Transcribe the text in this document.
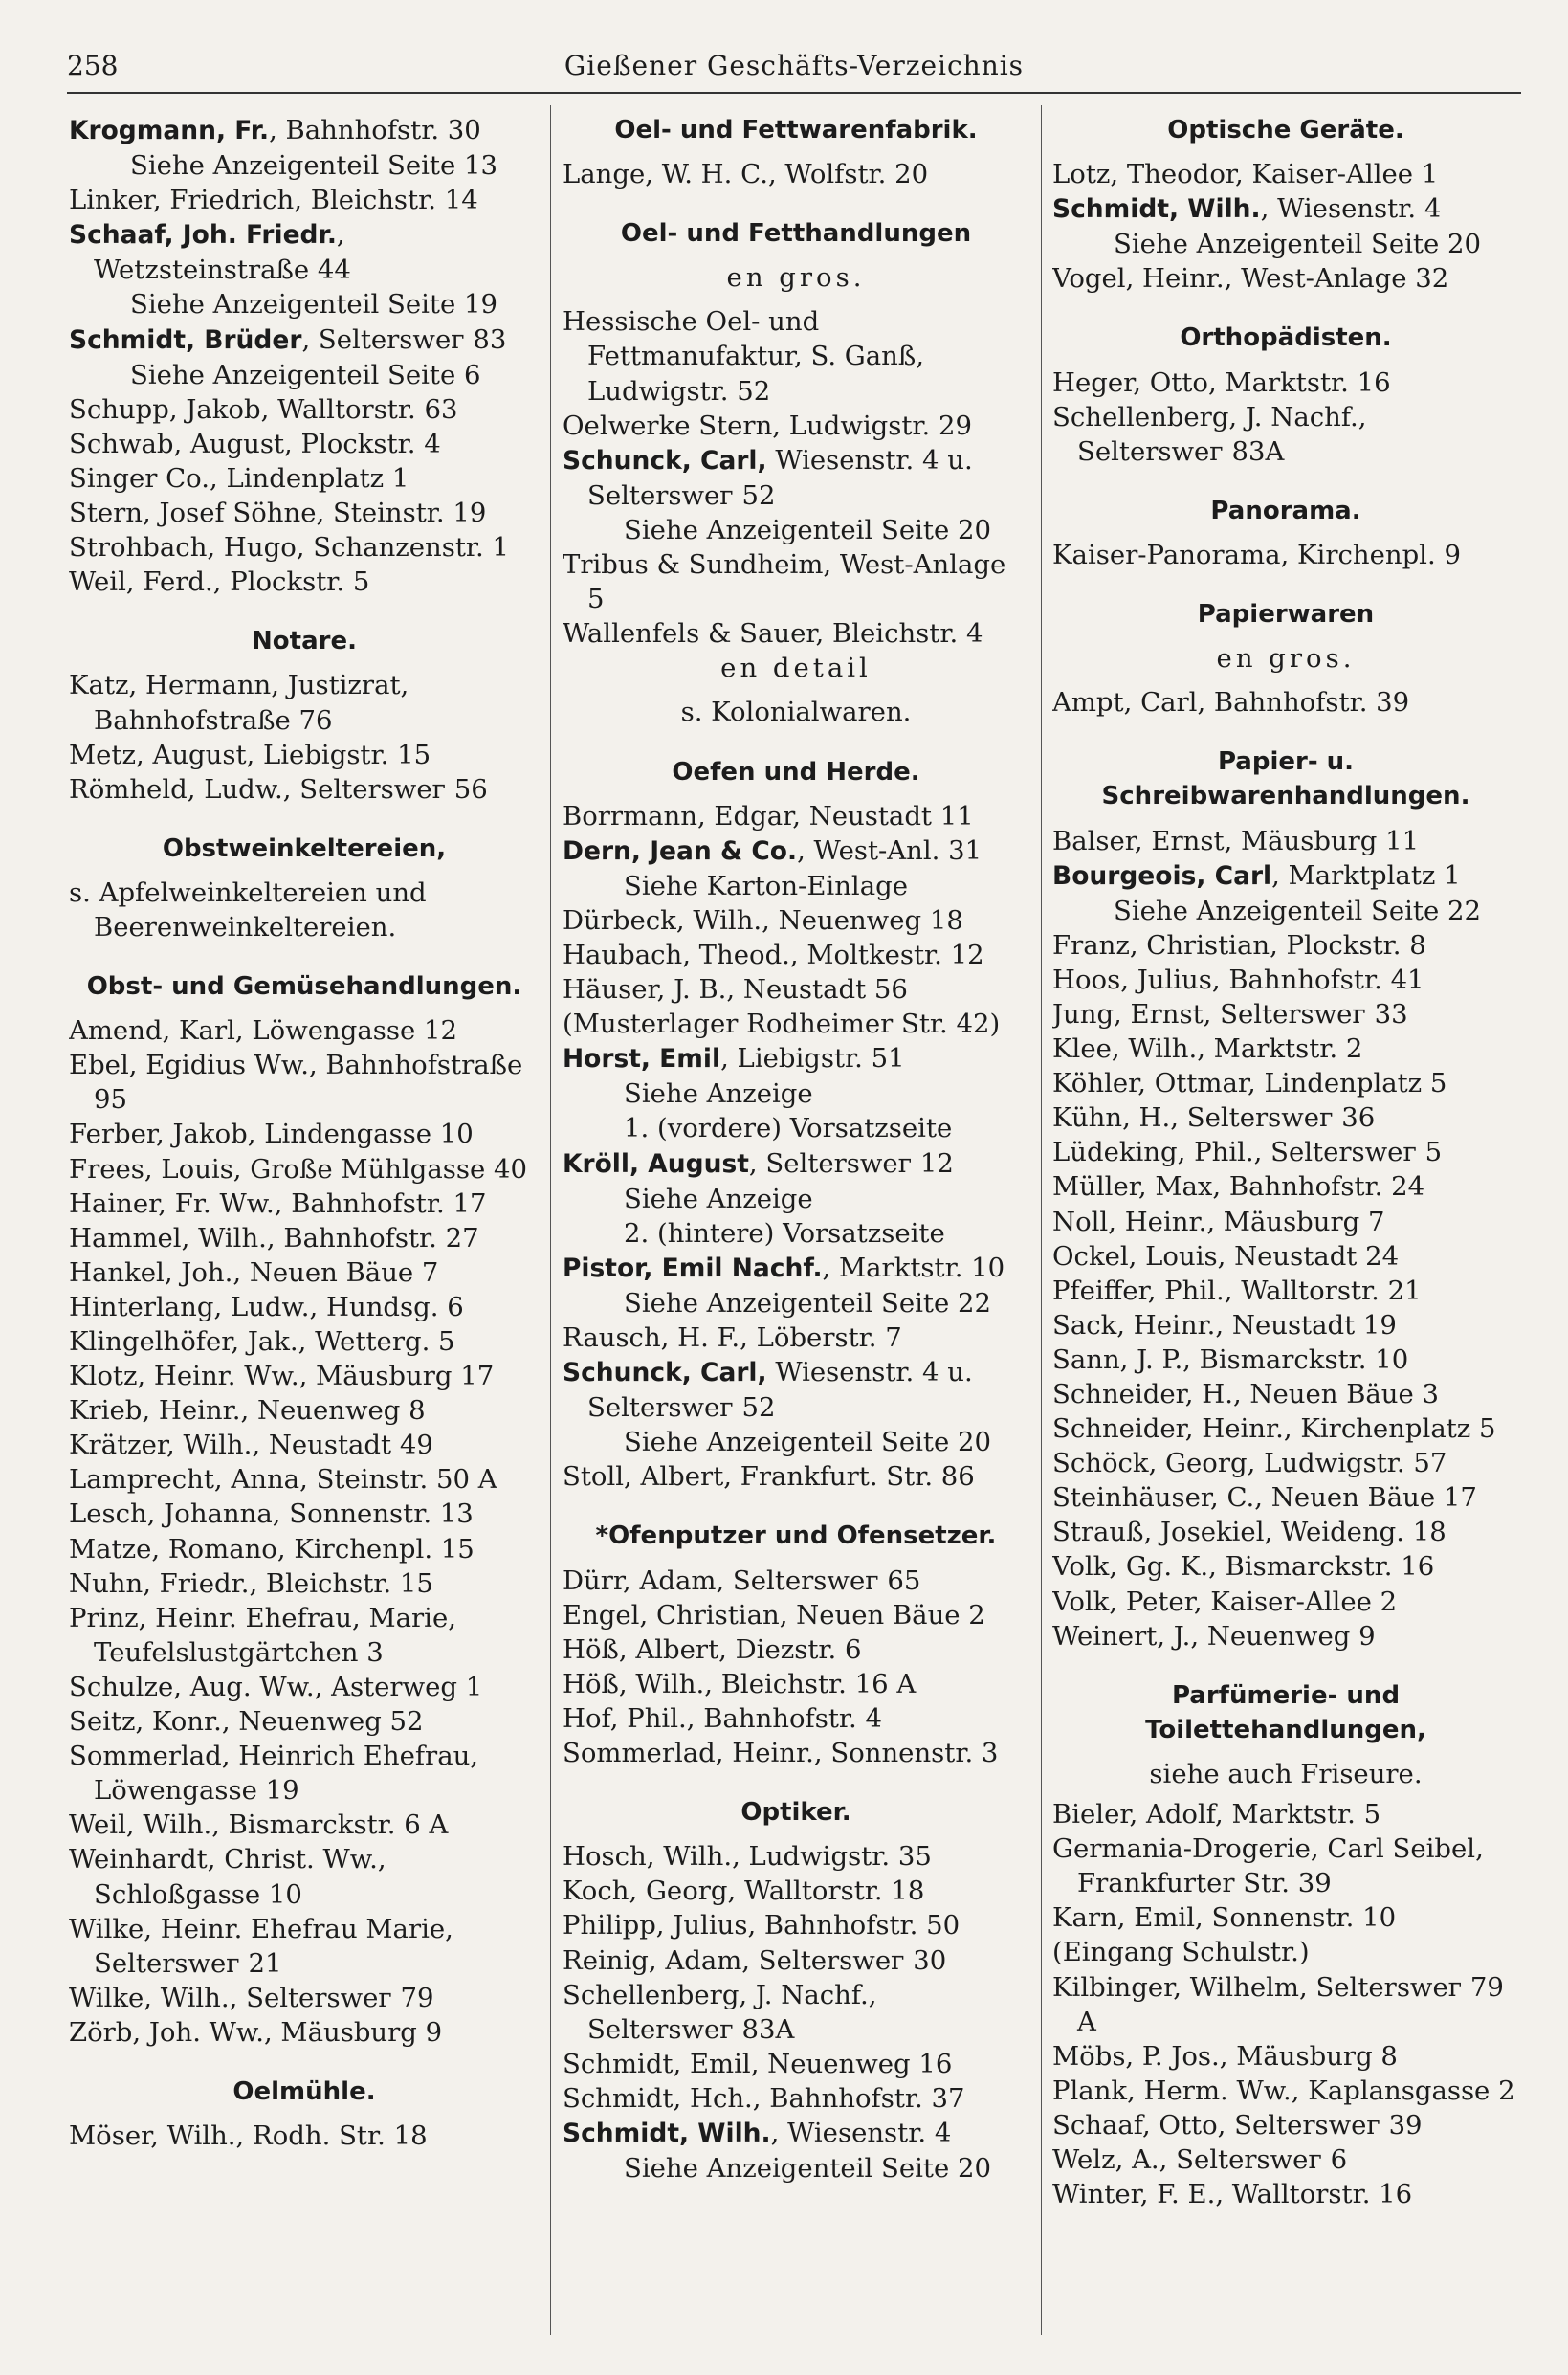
258	Gießener Geschäfts-Verzeichnis
Krogmann, Fr., Bahnhofstr. 30
Siehe Anzeigenteil Seite 13
Linker, Friedrich, Bleichstr. 14
Schaaf, Joh. Friedr., Wetzsteinstraße 44
Siehe Anzeigenteil Seite 19
Schmidt, Brüder, Selterswег 83
Siehe Anzeigenteil Seite 6
Schupp, Jakob, Walltorstr. 63
Schwab, August, Plockstr. 4
Singer Co., Lindenplatz 1
Stern, Josef Söhne, Steinstr. 19
Strohbach, Hugo, Schanzenstr. 1
Weil, Ferd., Plockstr. 5
Notare.
Katz, Hermann, Justizrat, Bahnhofstraße 76
Metz, August, Liebigstr. 15
Römheld, Ludw., Selterswег 56
Obstweinkeltereien,
s. Apfelweinkeltereien und Beerenweinkeltereien.
Obst- und Gemüsehandlungen.
Amend, Karl, Löwengasse 12
Ebel, Egidius Ww., Bahnhofstraße 95
Ferber, Jakob, Lindengasse 10
Frees, Louis, Große Mühlgasse 40
Hainer, Fr. Ww., Bahnhofstr. 17
Hammel, Wilh., Bahnhofstr. 27
Hankel, Joh., Neuen Bäue 7
Hinterlang, Ludw., Hundsg. 6
Klingelhöfer, Jak., Wetterg. 5
Klotz, Heinr. Ww., Mäusburg 17
Krieb, Heinr., Neuenweg 8
Krätzer, Wilh., Neustadt 49
Lamprecht, Anna, Steinstr. 50 A
Lesch, Johanna, Sonnenstr. 13
Matze, Romano, Kirchenpl. 15
Nuhn, Friedr., Bleichstr. 15
Prinz, Heinr. Ehefrau, Marie, Teufelslustgärtchen 3
Schulze, Aug. Ww., Asterweg 1
Seitz, Konr., Neuenweg 52
Sommerlad, Heinrich Ehefrau, Löwengasse 19
Weil, Wilh., Bismarckstr. 6 A
Weinhardt, Christ. Ww., Schloßgasse 10
Wilke, Heinr. Ehefrau Marie, Selterswег 21
Wilke, Wilh., Selterswег 79
Zörb, Joh. Ww., Mäusburg 9
Oelmühle.
Möser, Wilh., Rodh. Str. 18
Oel- und Fettwarenfabrik.
Lange, W. H. C., Wolfstr. 20
Oel- und Fetthandlungen
en gros.
Hessische Oel- und Fettmanufaktur, S. Ganß, Ludwigstr. 52
Oelwerke Stern, Ludwigstr. 29
Schunck, Carl, Wiesenstr. 4 u. Selterswег 52
Siehe Anzeigenteil Seite 20
Tribus & Sundheim, West-Anlage 5
Wallenfels & Sauer, Bleichstr. 4
en detail
s. Kolonialwaren.
Oefen und Herde.
Borrmann, Edgar, Neustadt 11
Dern, Jean & Co., West-Anl. 31
Siehe Karton-Einlage
Dürbeck, Wilh., Neuenweg 18
Haubach, Theod., Moltkestr. 12
Häuser, J. B., Neustadt 56
(Musterlager Rodheimer Str. 42)
Horst, Emil, Liebigstr. 51
Siehe Anzeige
1. (vordere) Vorsatzseite
Kröll, August, Selterswег 12
Siehe Anzeige
2. (hintere) Vorsatzseite
Pistor, Emil Nachf., Marktstr. 10
Siehe Anzeigenteil Seite 22
Rausch, H. F., Löberstr. 7
Schunck, Carl, Wiesenstr. 4 u. Selterswег 52
Siehe Anzeigenteil Seite 20
Stoll, Albert, Frankfurt. Str. 86
*Ofenputzer und Ofensetzer.
Dürr, Adam, Selterswег 65
Engel, Christian, Neuen Bäue 2
Höß, Albert, Diezstr. 6
Höß, Wilh., Bleichstr. 16 A
Hof, Phil., Bahnhofstr. 4
Sommerlad, Heinr., Sonnenstr. 3
Optiker.
Hosch, Wilh., Ludwigstr. 35
Koch, Georg, Walltorstr. 18
Philipp, Julius, Bahnhofstr. 50
Reinig, Adam, Selterswег 30
Schellenberg, J. Nachf., Selterswег 83A
Schmidt, Emil, Neuenweg 16
Schmidt, Hch., Bahnhofstr. 37
Schmidt, Wilh., Wiesenstr. 4
Siehe Anzeigenteil Seite 20
Optische Geräte.
Lotz, Theodor, Kaiser-Allee 1
Schmidt, Wilh., Wiesenstr. 4
Siehe Anzeigenteil Seite 20
Vogel, Heinr., West-Anlage 32
Orthopädisten.
Heger, Otto, Marktstr. 16
Schellenberg, J. Nachf., Selterswег 83A
Panorama.
Kaiser-Panorama, Kirchenpl. 9
Papierwaren
en gros.
Ampt, Carl, Bahnhofstr. 39
Papier- u. Schreibwarenhandlungen.
Balser, Ernst, Mäusburg 11
Bourgeois, Carl, Marktplatz 1
Siehe Anzeigenteil Seite 22
Franz, Christian, Plockstr. 8
Hoos, Julius, Bahnhofstr. 41
Jung, Ernst, Selterswег 33
Klee, Wilh., Marktstr. 2
Köhler, Ottmar, Lindenplatz 5
Kühn, H., Selterswег 36
Lüdeking, Phil., Selterswег 5
Müller, Max, Bahnhofstr. 24
Noll, Heinr., Mäusburg 7
Ockel, Louis, Neustadt 24
Pfeiffer, Phil., Walltorstr. 21
Sack, Heinr., Neustadt 19
Sann, J. P., Bismarckstr. 10
Schneider, H., Neuen Bäue 3
Schneider, Heinr., Kirchenplatz 5
Schöck, Georg, Ludwigstr. 57
Steinhäuser, C., Neuen Bäue 17
Strauß, Josekiel, Weideng. 18
Volk, Gg. K., Bismarckstr. 16
Volk, Peter, Kaiser-Allee 2
Weinert, J., Neuenweg 9
Parfümerie- und Toilettehandlungen,
siehe auch Friseure.
Bieler, Adolf, Marktstr. 5
Germania-Drogerie, Carl Seibel, Frankfurter Str. 39
Karn, Emil, Sonnenstr. 10
(Eingang Schulstr.)
Kilbinger, Wilhelm, Selterswег 79 A
Möbs, P. Jos., Mäusburg 8
Plank, Herm. Ww., Kaplansgasse 2
Schaaf, Otto, Selterswег 39
Welz, A., Selterswег 6
Winter, F. E., Walltorstr. 16
